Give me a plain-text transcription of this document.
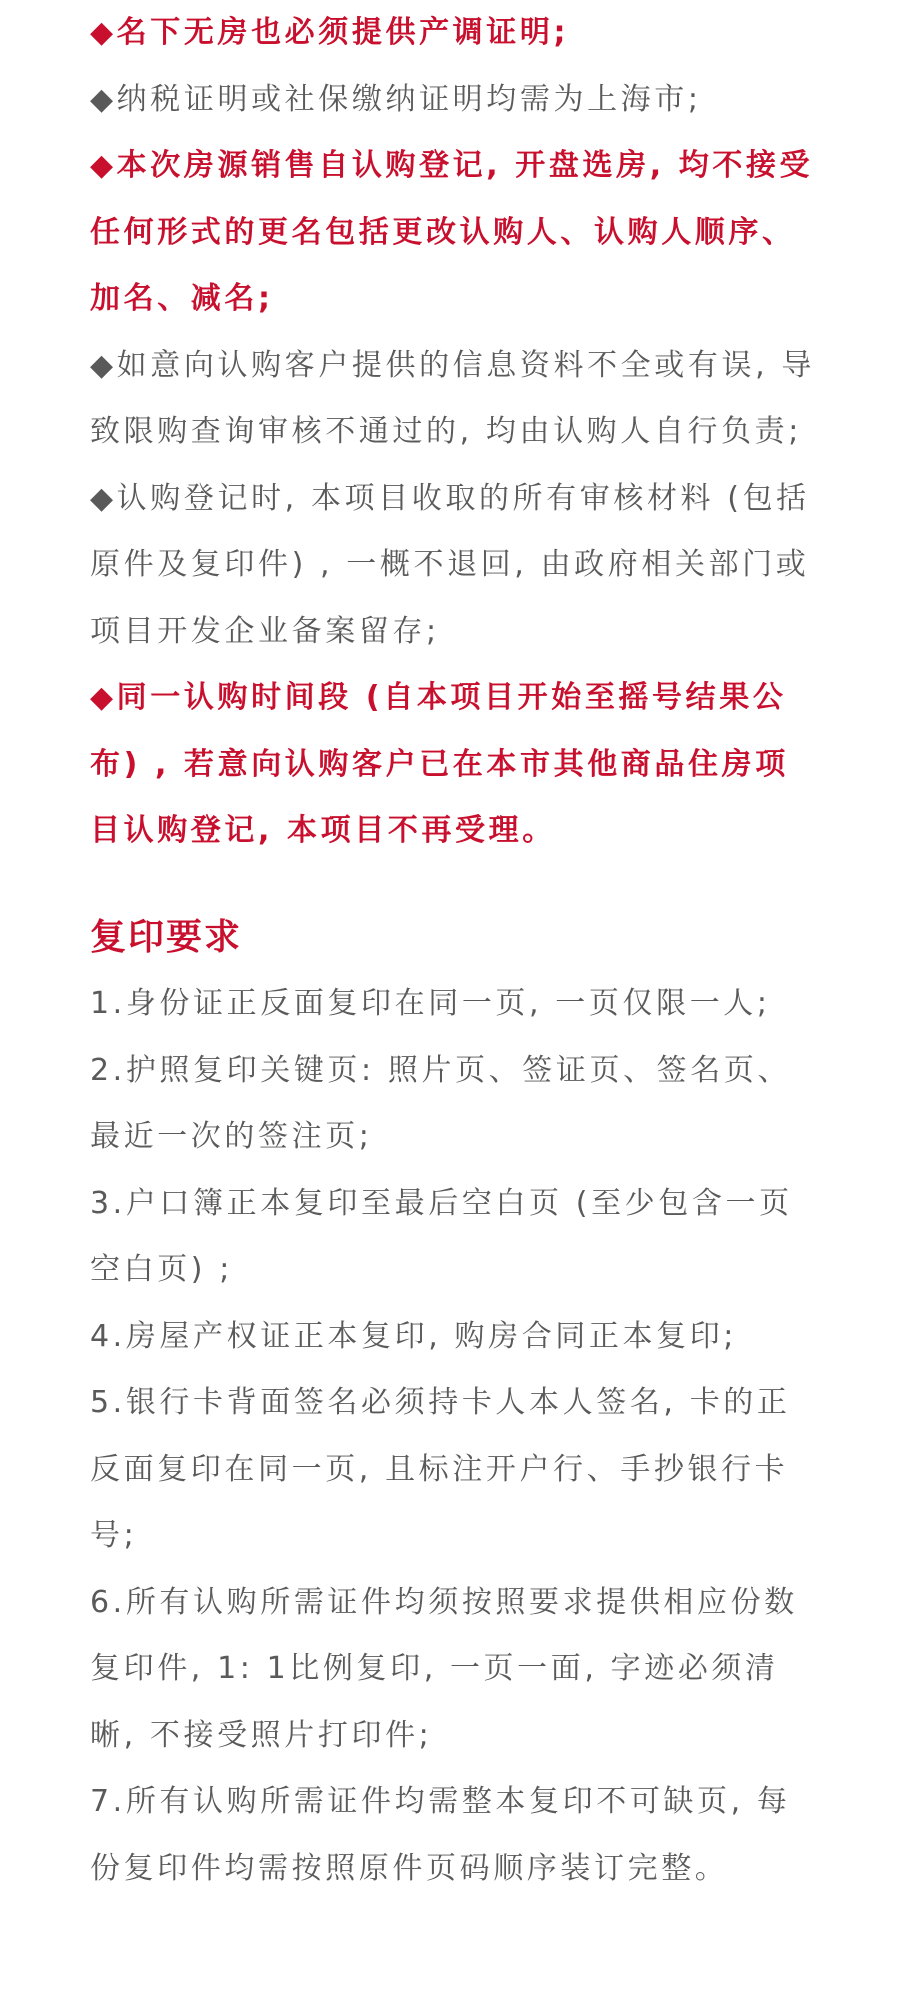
◆名下无房也必须提供产调证明;

◆纳税证明或社保缴纳证明均需为上海市;

◆本次房源销售自认购登记, 开盘选房, 均不接受任何形式的更名包括更改认购人、认购人顺序、加名、减名;

◆如意向认购客户提供的信息资料不全或有误, 导致限购查询审核不通过的, 均由认购人自行负责;

◆认购登记时, 本项目收取的所有审核材料 (包括原件及复印件) , 一概不退回, 由政府相关部门或项目开发企业备案留存;

◆同一认购时间段 (自本项目开始至摇号结果公布) , 若意向认购客户已在本市其他商品住房项目认购登记, 本项目不再受理。

复印要求

1.身份证正反面复印在同一页, 一页仅限一人;

2.护照复印关键页: 照片页、签证页、签名页、最近一次的签注页;

3.户口簿正本复印至最后空白页 (至少包含一页空白页) ;

4.房屋产权证正本复印, 购房合同正本复印;

5.银行卡背面签名必须持卡人本人签名, 卡的正反面复印在同一页, 且标注开户行、手抄银行卡号;

6.所有认购所需证件均须按照要求提供相应份数复印件, 1: 1比例复印, 一页一面, 字迹必须清晰, 不接受照片打印件;

7.所有认购所需证件均需整本复印不可缺页, 每份复印件均需按照原件页码顺序装订完整。
